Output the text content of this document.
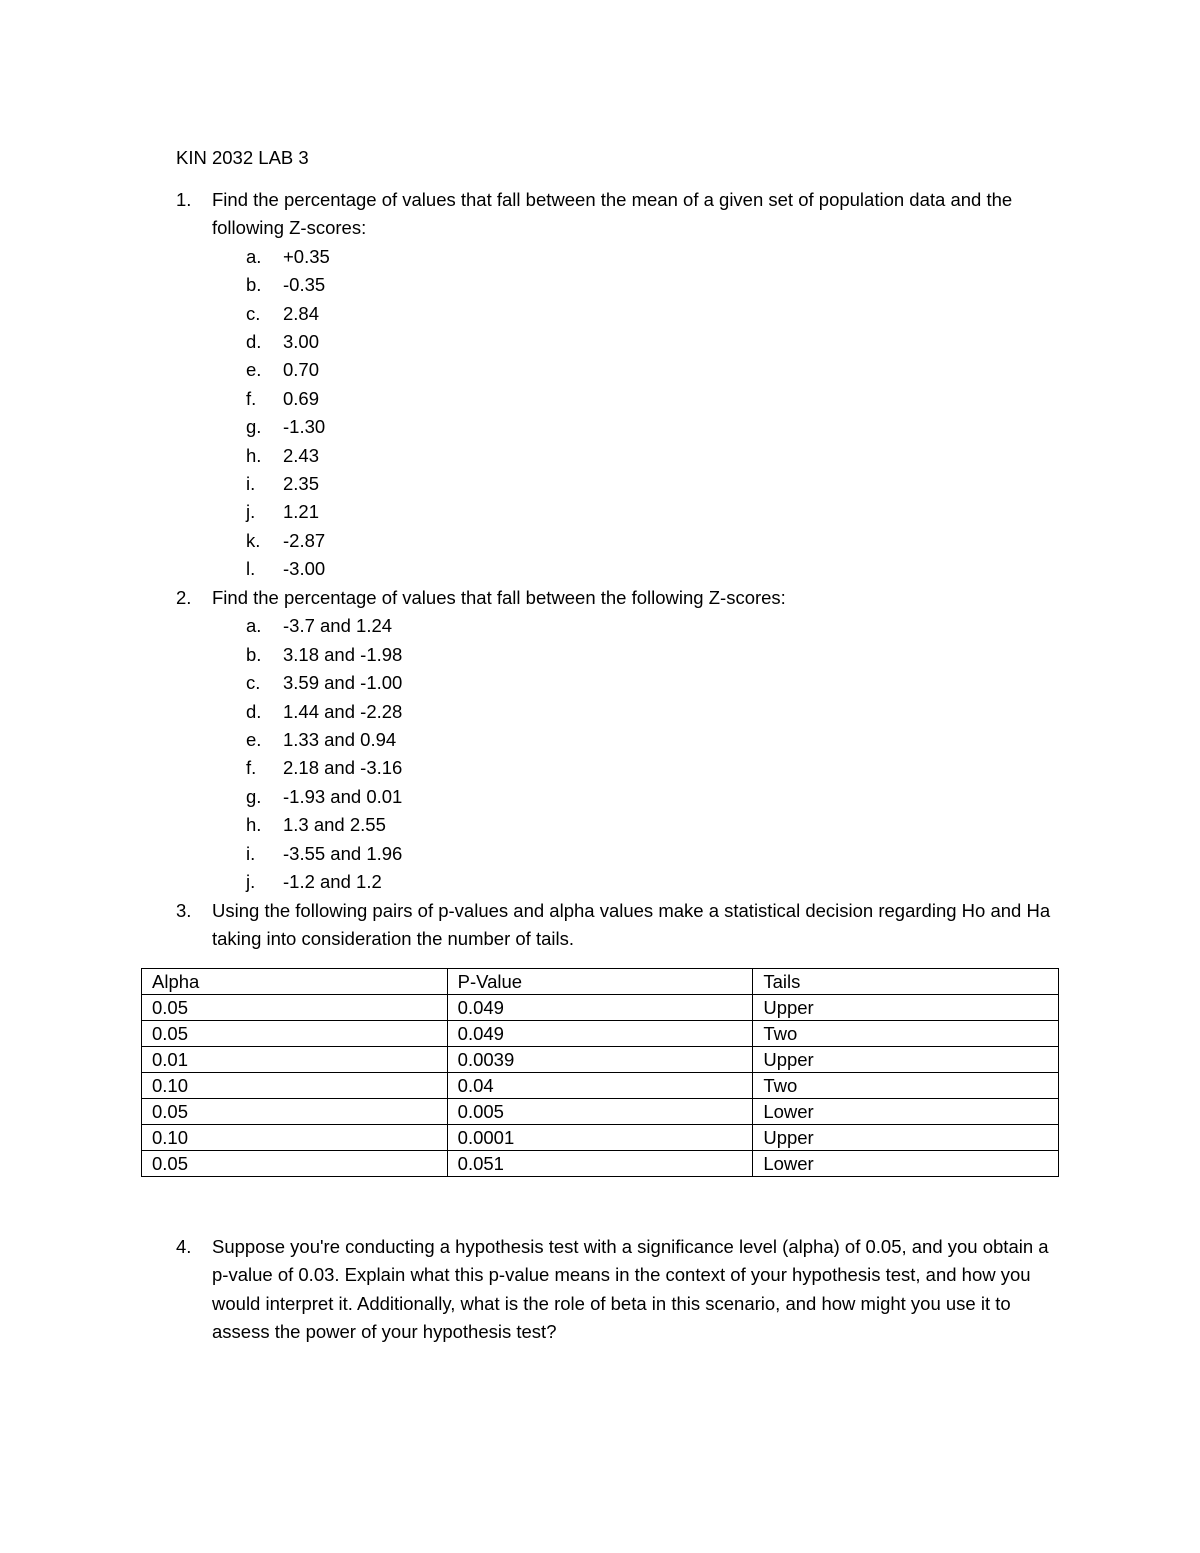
KIN 2032 LAB 3
1. Find the percentage of values that fall between the mean of a given set of population data and the following Z-scores:
a. +0.35
b. -0.35
c. 2.84
d. 3.00
e. 0.70
f. 0.69
g. -1.30
h. 2.43
i. 2.35
j. 1.21
k. -2.87
l. -3.00
2. Find the percentage of values that fall between the following Z-scores:
a. -3.7 and 1.24
b. 3.18 and -1.98
c. 3.59 and -1.00
d. 1.44 and -2.28
e. 1.33 and 0.94
f. 2.18 and -3.16
g. -1.93 and 0.01
h. 1.3 and 2.55
i. -3.55 and 1.96
j. -1.2 and 1.2
3. Using the following pairs of p-values and alpha values make a statistical decision regarding Ho and Ha taking into consideration the number of tails.
Alpha	P-Value	Tails
0.05	0.049	Upper
0.05	0.049	Two
0.01	0.0039	Upper
0.10	0.04	Two
0.05	0.005	Lower
0.10	0.0001	Upper
0.05	0.051	Lower
4. Suppose you're conducting a hypothesis test with a significance level (alpha) of 0.05, and you obtain a p-value of 0.03. Explain what this p-value means in the context of your hypothesis test, and how you would interpret it. Additionally, what is the role of beta in this scenario, and how might you use it to assess the power of your hypothesis test?
